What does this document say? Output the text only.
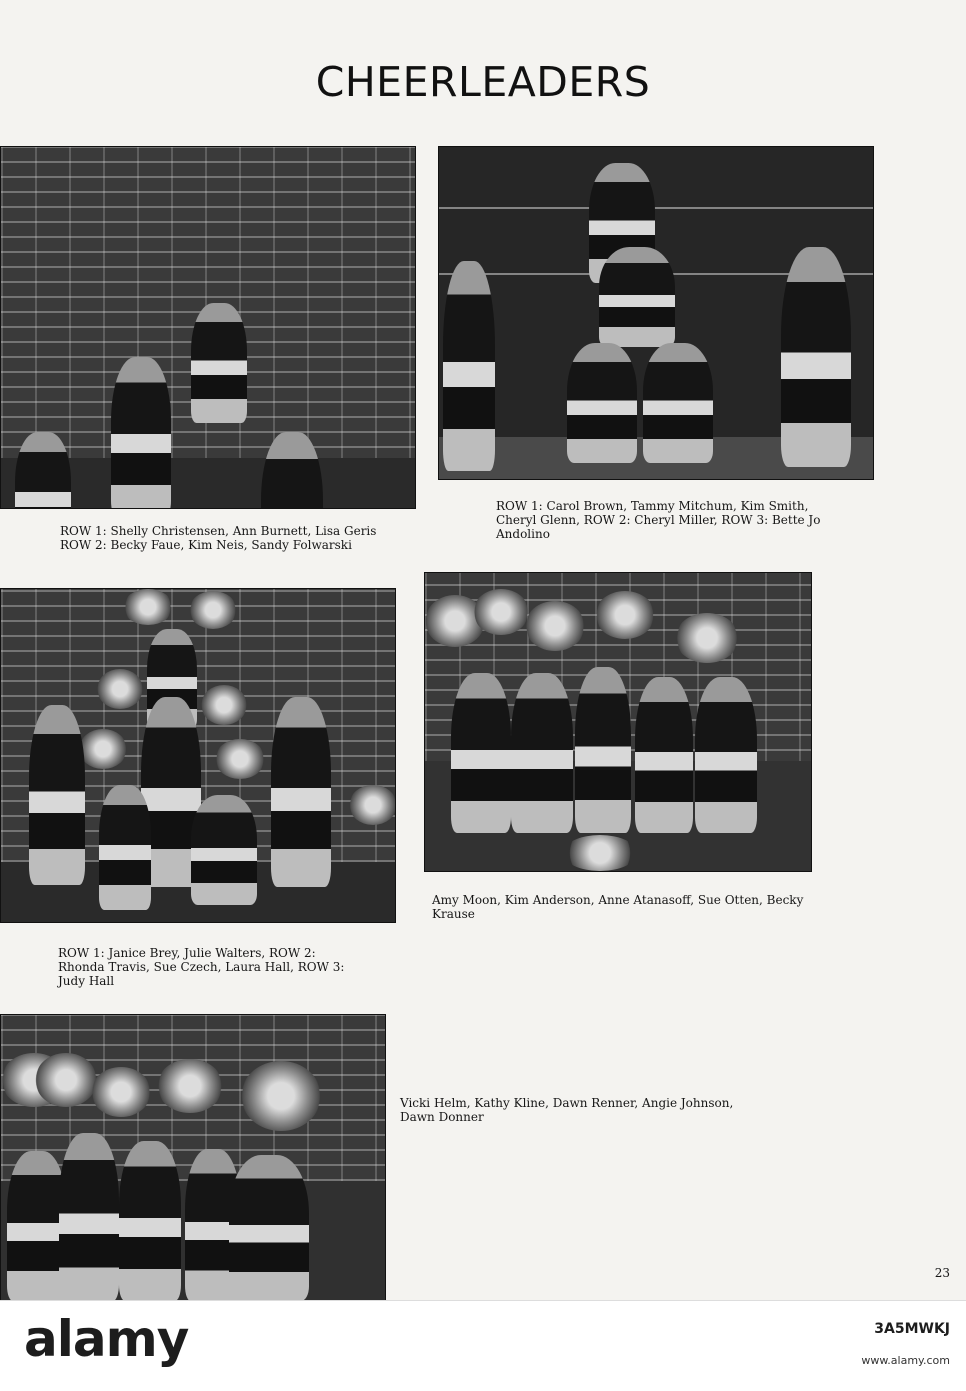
CHEERLEADERS
ROW 1: Shelly Christensen, Ann Burnett, Lisa Geris
ROW 2: Becky Faue, Kim Neis, Sandy Folwarski
ROW 1: Carol Brown, Tammy Mitchum, Kim Smith,
Cheryl Glenn, ROW 2: Cheryl Miller, ROW 3: Bette Jo
Andolino
ROW 1: Janice Brey, Julie Walters, ROW 2:
Rhonda Travis, Sue Czech, Laura Hall, ROW 3:
Judy Hall
Amy Moon, Kim Anderson, Anne Atanasoff, Sue Otten, Becky
Krause
Vicki Helm, Kathy Kline, Dawn Renner, Angie Johnson,
Dawn Donner
23
alamy	3A5MWKJ
www.alamy.com
